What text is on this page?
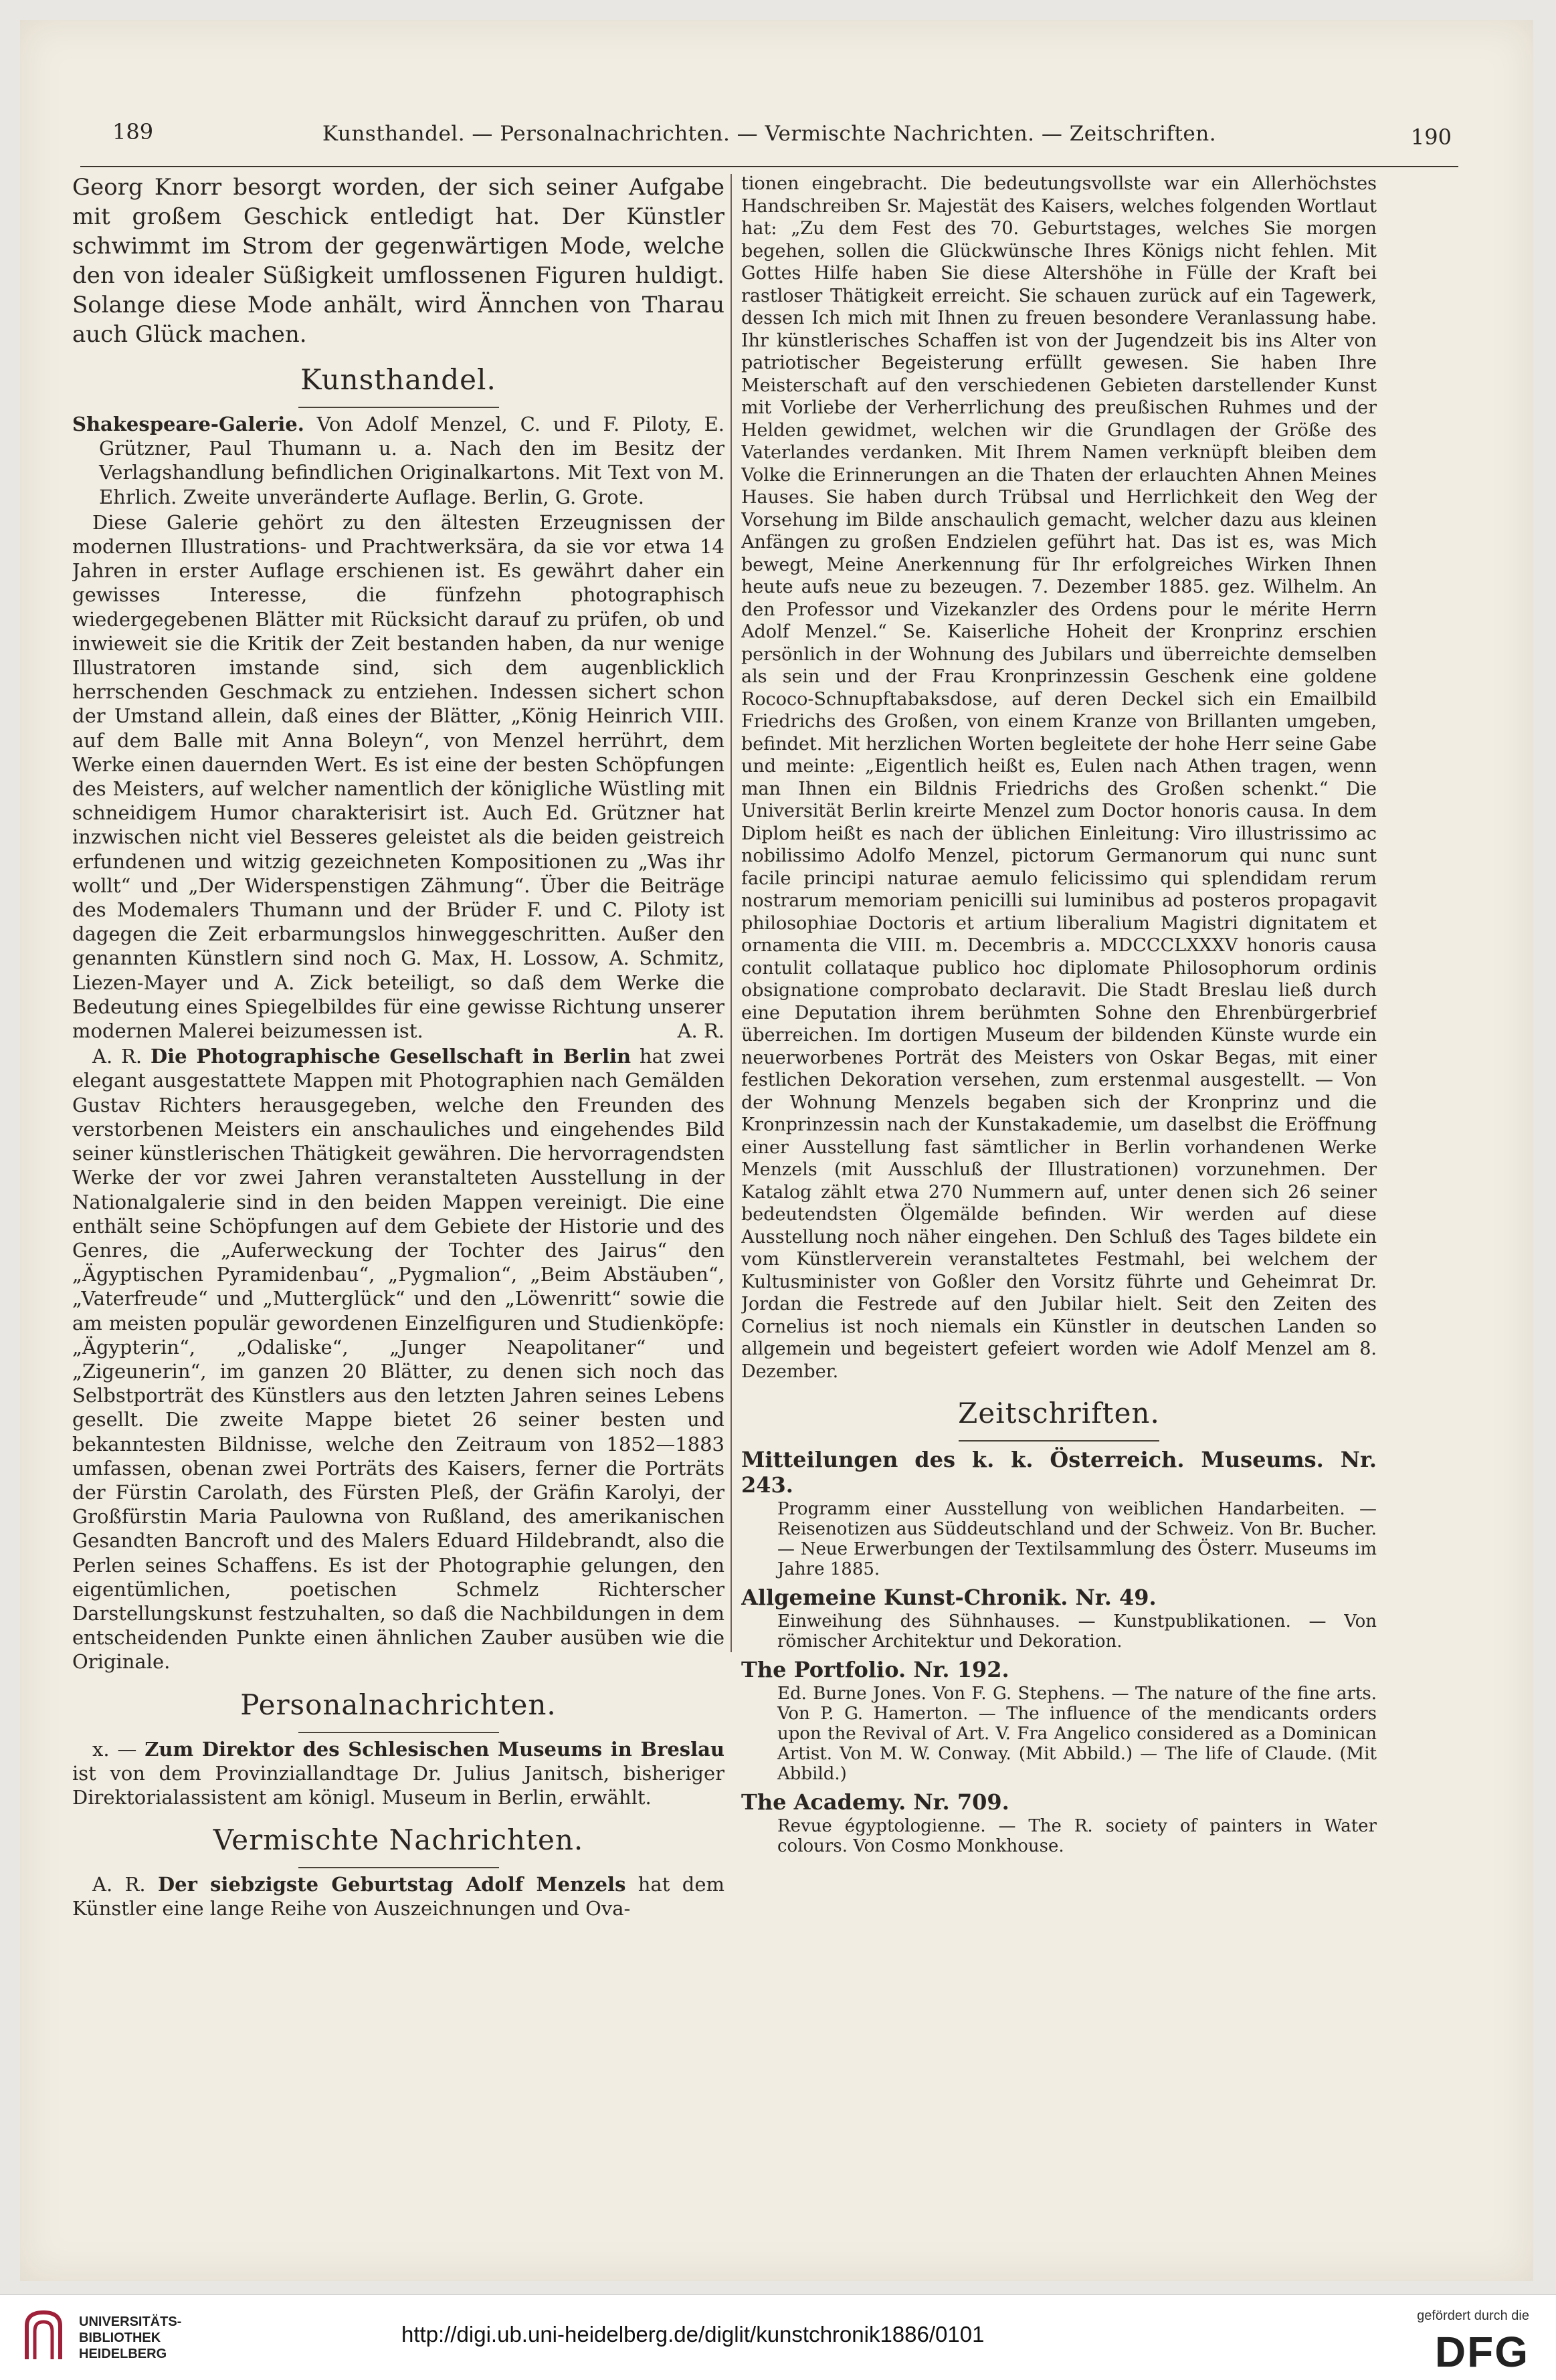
189	Kunsthandel. — Personalnachrichten. — Vermischte Nachrichten. — Zeitschriften.	190

Georg Knorr besorgt worden, der sich seiner Aufgabe mit großem Geschick entledigt hat. Der Künstler schwimmt im Strom der gegenwärtigen Mode, welche den von idealer Süßigkeit umflossenen Figuren huldigt. Solange diese Mode anhält, wird Ännchen von Tharau auch Glück machen.

Kunsthandel.

Shakespeare-Galerie. Von Adolf Menzel, C. und F. Piloty, E. Grützner, Paul Thumann u. a. Nach den im Besitz der Verlagshandlung befindlichen Originalkartons. Mit Text von M. Ehrlich. Zweite unveränderte Auflage. Berlin, G. Grote.

Diese Galerie gehört zu den ältesten Erzeugnissen der modernen Illustrations- und Prachtwerksära, da sie vor etwa 14 Jahren in erster Auflage erschienen ist. Es gewährt daher ein gewisses Interesse, die fünfzehn photographisch wiedergegebenen Blätter mit Rücksicht darauf zu prüfen, ob und inwieweit sie die Kritik der Zeit bestanden haben, da nur wenige Illustratoren imstande sind, sich dem augenblicklich herrschenden Geschmack zu entziehen. Indessen sichert schon der Umstand allein, daß eines der Blätter, „König Heinrich VIII. auf dem Balle mit Anna Boleyn“, von Menzel herrührt, dem Werke einen dauernden Wert. Es ist eine der besten Schöpfungen des Meisters, auf welcher namentlich der königliche Wüstling mit schneidigem Humor charakterisirt ist. Auch Ed. Grützner hat inzwischen nicht viel Besseres geleistet als die beiden geistreich erfundenen und witzig gezeichneten Kompositionen zu „Was ihr wollt“ und „Der Widerspenstigen Zähmung“. Über die Beiträge des Modemalers Thumann und der Brüder F. und C. Piloty ist dagegen die Zeit erbarmungslos hinweggeschritten. Außer den genannten Künstlern sind noch G. Max, H. Lossow, A. Schmitz, Liezen-Mayer und A. Zick beteiligt, so daß dem Werke die Bedeutung eines Spiegelbildes für eine gewisse Richtung unserer modernen Malerei beizumessen ist.	A. R.

A. R. Die Photographische Gesellschaft in Berlin hat zwei elegant ausgestattete Mappen mit Photographien nach Gemälden Gustav Richters herausgegeben, welche den Freunden des verstorbenen Meisters ein anschauliches und eingehendes Bild seiner künstlerischen Thätigkeit gewähren. Die hervorragendsten Werke der vor zwei Jahren veranstalteten Ausstellung in der Nationalgalerie sind in den beiden Mappen vereinigt. Die eine enthält seine Schöpfungen auf dem Gebiete der Historie und des Genres, die „Auferweckung der Tochter des Jairus“ den „Ägyptischen Pyramidenbau“, „Pygmalion“, „Beim Abstäuben“, „Vaterfreude“ und „Mutterglück“ und den „Löwenritt“ sowie die am meisten populär gewordenen Einzelfiguren und Studienköpfe: „Ägypterin“, „Odaliske“, „Junger Neapolitaner“ und „Zigeunerin“, im ganzen 20 Blätter, zu denen sich noch das Selbstporträt des Künstlers aus den letzten Jahren seines Lebens gesellt. Die zweite Mappe bietet 26 seiner besten und bekanntesten Bildnisse, welche den Zeitraum von 1852—1883 umfassen, obenan zwei Porträts des Kaisers, ferner die Porträts der Fürstin Carolath, des Fürsten Pleß, der Gräfin Karolyi, der Großfürstin Maria Paulowna von Rußland, des amerikanischen Gesandten Bancroft und des Malers Eduard Hildebrandt, also die Perlen seines Schaffens. Es ist der Photographie gelungen, den eigentümlichen, poetischen Schmelz Richterscher Darstellungskunst festzuhalten, so daß die Nachbildungen in dem entscheidenden Punkte einen ähnlichen Zauber ausüben wie die Originale.

Personalnachrichten.

x. — Zum Direktor des Schlesischen Museums in Breslau ist von dem Provinziallandtage Dr. Julius Janitsch, bisheriger Direktorialassistent am königl. Museum in Berlin, erwählt.

Vermischte Nachrichten.

A. R. Der siebzigste Geburtstag Adolf Menzels hat dem Künstler eine lange Reihe von Auszeichnungen und Ova-

tionen eingebracht. Die bedeutungsvollste war ein Allerhöchstes Handschreiben Sr. Majestät des Kaisers, welches folgenden Wortlaut hat: „Zu dem Fest des 70. Geburtstages, welches Sie morgen begehen, sollen die Glückwünsche Ihres Königs nicht fehlen. Mit Gottes Hilfe haben Sie diese Altershöhe in Fülle der Kraft bei rastloser Thätigkeit erreicht. Sie schauen zurück auf ein Tagewerk, dessen Ich mich mit Ihnen zu freuen besondere Veranlassung habe. Ihr künstlerisches Schaffen ist von der Jugendzeit bis ins Alter von patriotischer Begeisterung erfüllt gewesen. Sie haben Ihre Meisterschaft auf den verschiedenen Gebieten darstellender Kunst mit Vorliebe der Verherrlichung des preußischen Ruhmes und der Helden gewidmet, welchen wir die Grundlagen der Größe des Vaterlandes verdanken. Mit Ihrem Namen verknüpft bleiben dem Volke die Erinnerungen an die Thaten der erlauchten Ahnen Meines Hauses. Sie haben durch Trübsal und Herrlichkeit den Weg der Vorsehung im Bilde anschaulich gemacht, welcher dazu aus kleinen Anfängen zu großen Endzielen geführt hat. Das ist es, was Mich bewegt, Meine Anerkennung für Ihr erfolgreiches Wirken Ihnen heute aufs neue zu bezeugen. 7. Dezember 1885. gez. Wilhelm. An den Professor und Vizekanzler des Ordens pour le mérite Herrn Adolf Menzel.“ Se. Kaiserliche Hoheit der Kronprinz erschien persönlich in der Wohnung des Jubilars und überreichte demselben als sein und der Frau Kronprinzessin Geschenk eine goldene Rococo-Schnupftabaksdose, auf deren Deckel sich ein Emailbild Friedrichs des Großen, von einem Kranze von Brillanten umgeben, befindet. Mit herzlichen Worten begleitete der hohe Herr seine Gabe und meinte: „Eigentlich heißt es, Eulen nach Athen tragen, wenn man Ihnen ein Bildnis Friedrichs des Großen schenkt.“ Die Universität Berlin kreirte Menzel zum Doctor honoris causa. In dem Diplom heißt es nach der üblichen Einleitung: Viro illustrissimo ac nobilissimo Adolfo Menzel, pictorum Germanorum qui nunc sunt facile principi naturae aemulo felicissimo qui splendidam rerum nostrarum memoriam penicilli sui luminibus ad posteros propagavit philosophiae Doctoris et artium liberalium Magistri dignitatem et ornamenta die VIII. m. Decembris a. MDCCCLXXXV honoris causa contulit collataque publico hoc diplomate Philosophorum ordinis obsignatione comprobato declaravit. Die Stadt Breslau ließ durch eine Deputation ihrem berühmten Sohne den Ehrenbürgerbrief überreichen. Im dortigen Museum der bildenden Künste wurde ein neuerworbenes Porträt des Meisters von Oskar Begas, mit einer festlichen Dekoration versehen, zum erstenmal ausgestellt. — Von der Wohnung Menzels begaben sich der Kronprinz und die Kronprinzessin nach der Kunstakademie, um daselbst die Eröffnung einer Ausstellung fast sämtlicher in Berlin vorhandenen Werke Menzels (mit Ausschluß der Illustrationen) vorzunehmen. Der Katalog zählt etwa 270 Nummern auf, unter denen sich 26 seiner bedeutendsten Ölgemälde befinden. Wir werden auf diese Ausstellung noch näher eingehen. Den Schluß des Tages bildete ein vom Künstlerverein veranstaltetes Festmahl, bei welchem der Kultusminister von Goßler den Vorsitz führte und Geheimrat Dr. Jordan die Festrede auf den Jubilar hielt. Seit den Zeiten des Cornelius ist noch niemals ein Künstler in deutschen Landen so allgemein und begeistert gefeiert worden wie Adolf Menzel am 8. Dezember.

Zeitschriften.
Mitteilungen des k. k. Österreich. Museums. Nr. 243.
Programm einer Ausstellung von weiblichen Handarbeiten. — Reisenotizen aus Süddeutschland und der Schweiz. Von Br. Bucher. — Neue Erwerbungen der Textilsammlung des Österr. Museums im Jahre 1885.
Allgemeine Kunst-Chronik. Nr. 49.
Einweihung des Sühnhauses. — Kunstpublikationen. — Von römischer Architektur und Dekoration.
The Portfolio. Nr. 192.
Ed. Burne Jones. Von F. G. Stephens. — The nature of the fine arts. Von P. G. Hamerton. — The influence of the mendicants orders upon the Revival of Art. V. Fra Angelico considered as a Dominican Artist. Von M. W. Conway. (Mit Abbild.) — The life of Claude. (Mit Abbild.)
The Academy. Nr. 709.
Revue égyptologienne. — The R. society of painters in Water colours. Von Cosmo Monkhouse.
UNIVERSITÄTS-
BIBLIOTHEK
HEIDELBERG
http://digi.ub.uni-heidelberg.de/diglit/kunstchronik1886/0101
gefördert durch die
DFG
